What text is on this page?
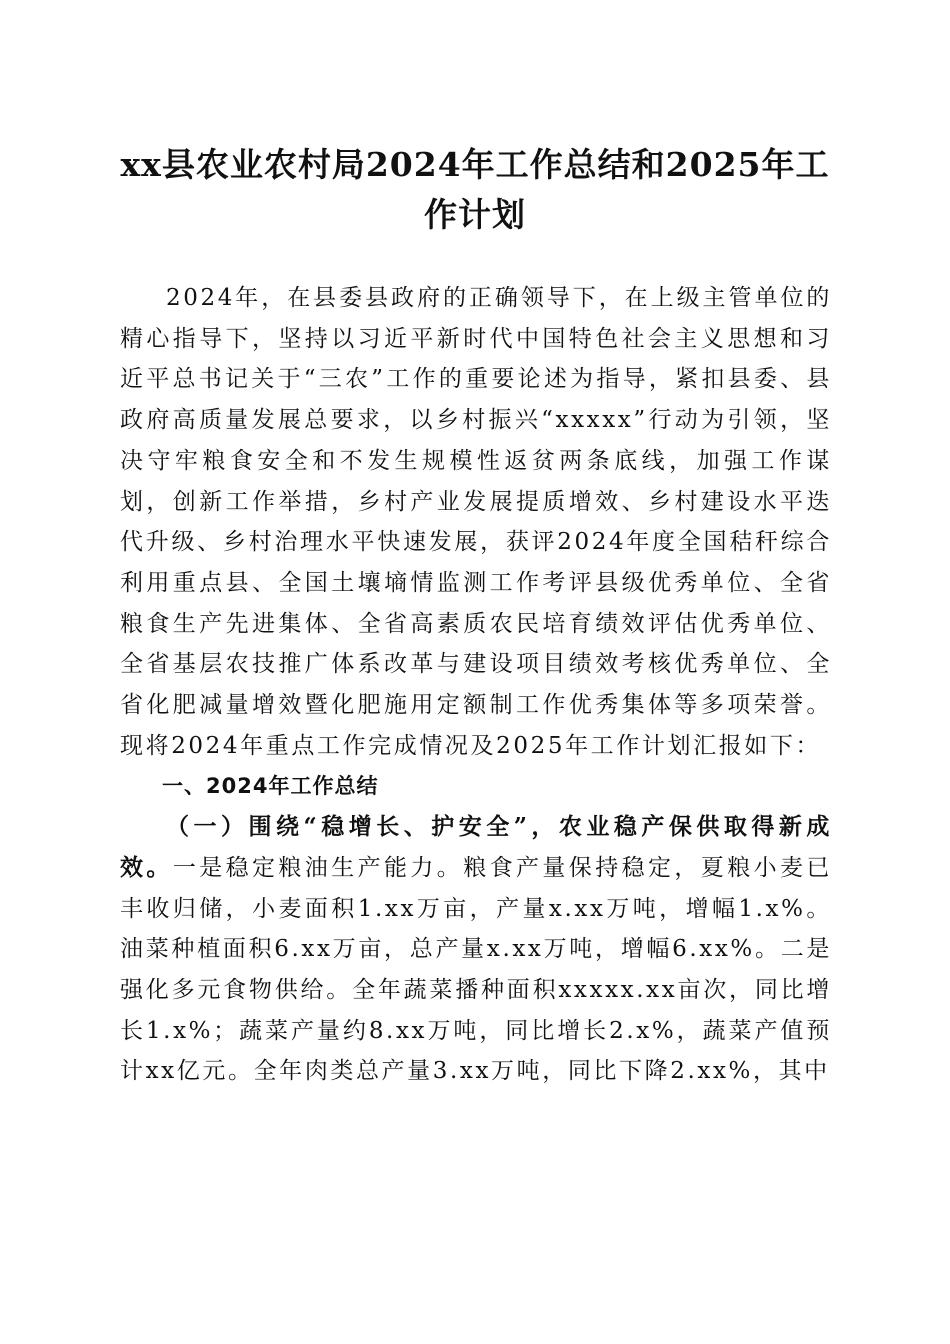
xx县农业农村局2024年工作总结和2025年工作计划

2024年，在县委县政府的正确领导下，在上级主管单位的精心指导下，坚持以习近平新时代中国特色社会主义思想和习近平总书记关于“三农”工作的重要论述为指导，紧扣县委、县政府高质量发展总要求，以乡村振兴“xxxxx”行动为引领，坚决守牢粮食安全和不发生规模性返贫两条底线，加强工作谋划，创新工作举措，乡村产业发展提质增效、乡村建设水平迭代升级、乡村治理水平快速发展，获评2024年度全国秸秆综合利用重点县、全国土壤墒情监测工作考评县级优秀单位、全省粮食生产先进集体、全省高素质农民培育绩效评估优秀单位、全省基层农技推广体系改革与建设项目绩效考核优秀单位、全省化肥减量增效暨化肥施用定额制工作优秀集体等多项荣誉。现将2024年重点工作完成情况及2025年工作计划汇报如下：

一、2024年工作总结

（一）围绕“稳增长、护安全”，农业稳产保供取得新成效。一是稳定粮油生产能力。粮食产量保持稳定，夏粮小麦已丰收归储，小麦面积1.xx万亩，产量x.xx万吨，增幅1.x%。油菜种植面积6.xx万亩，总产量x.xx万吨，增幅6.xx%。二是强化多元食物供给。全年蔬菜播种面积xxxxx.xx亩次，同比增长1.x%；蔬菜产量约8.xx万吨，同比增长2.x%，蔬菜产值预计xx亿元。全年肉类总产量3.xx万吨，同比下降2.xx%，其中
